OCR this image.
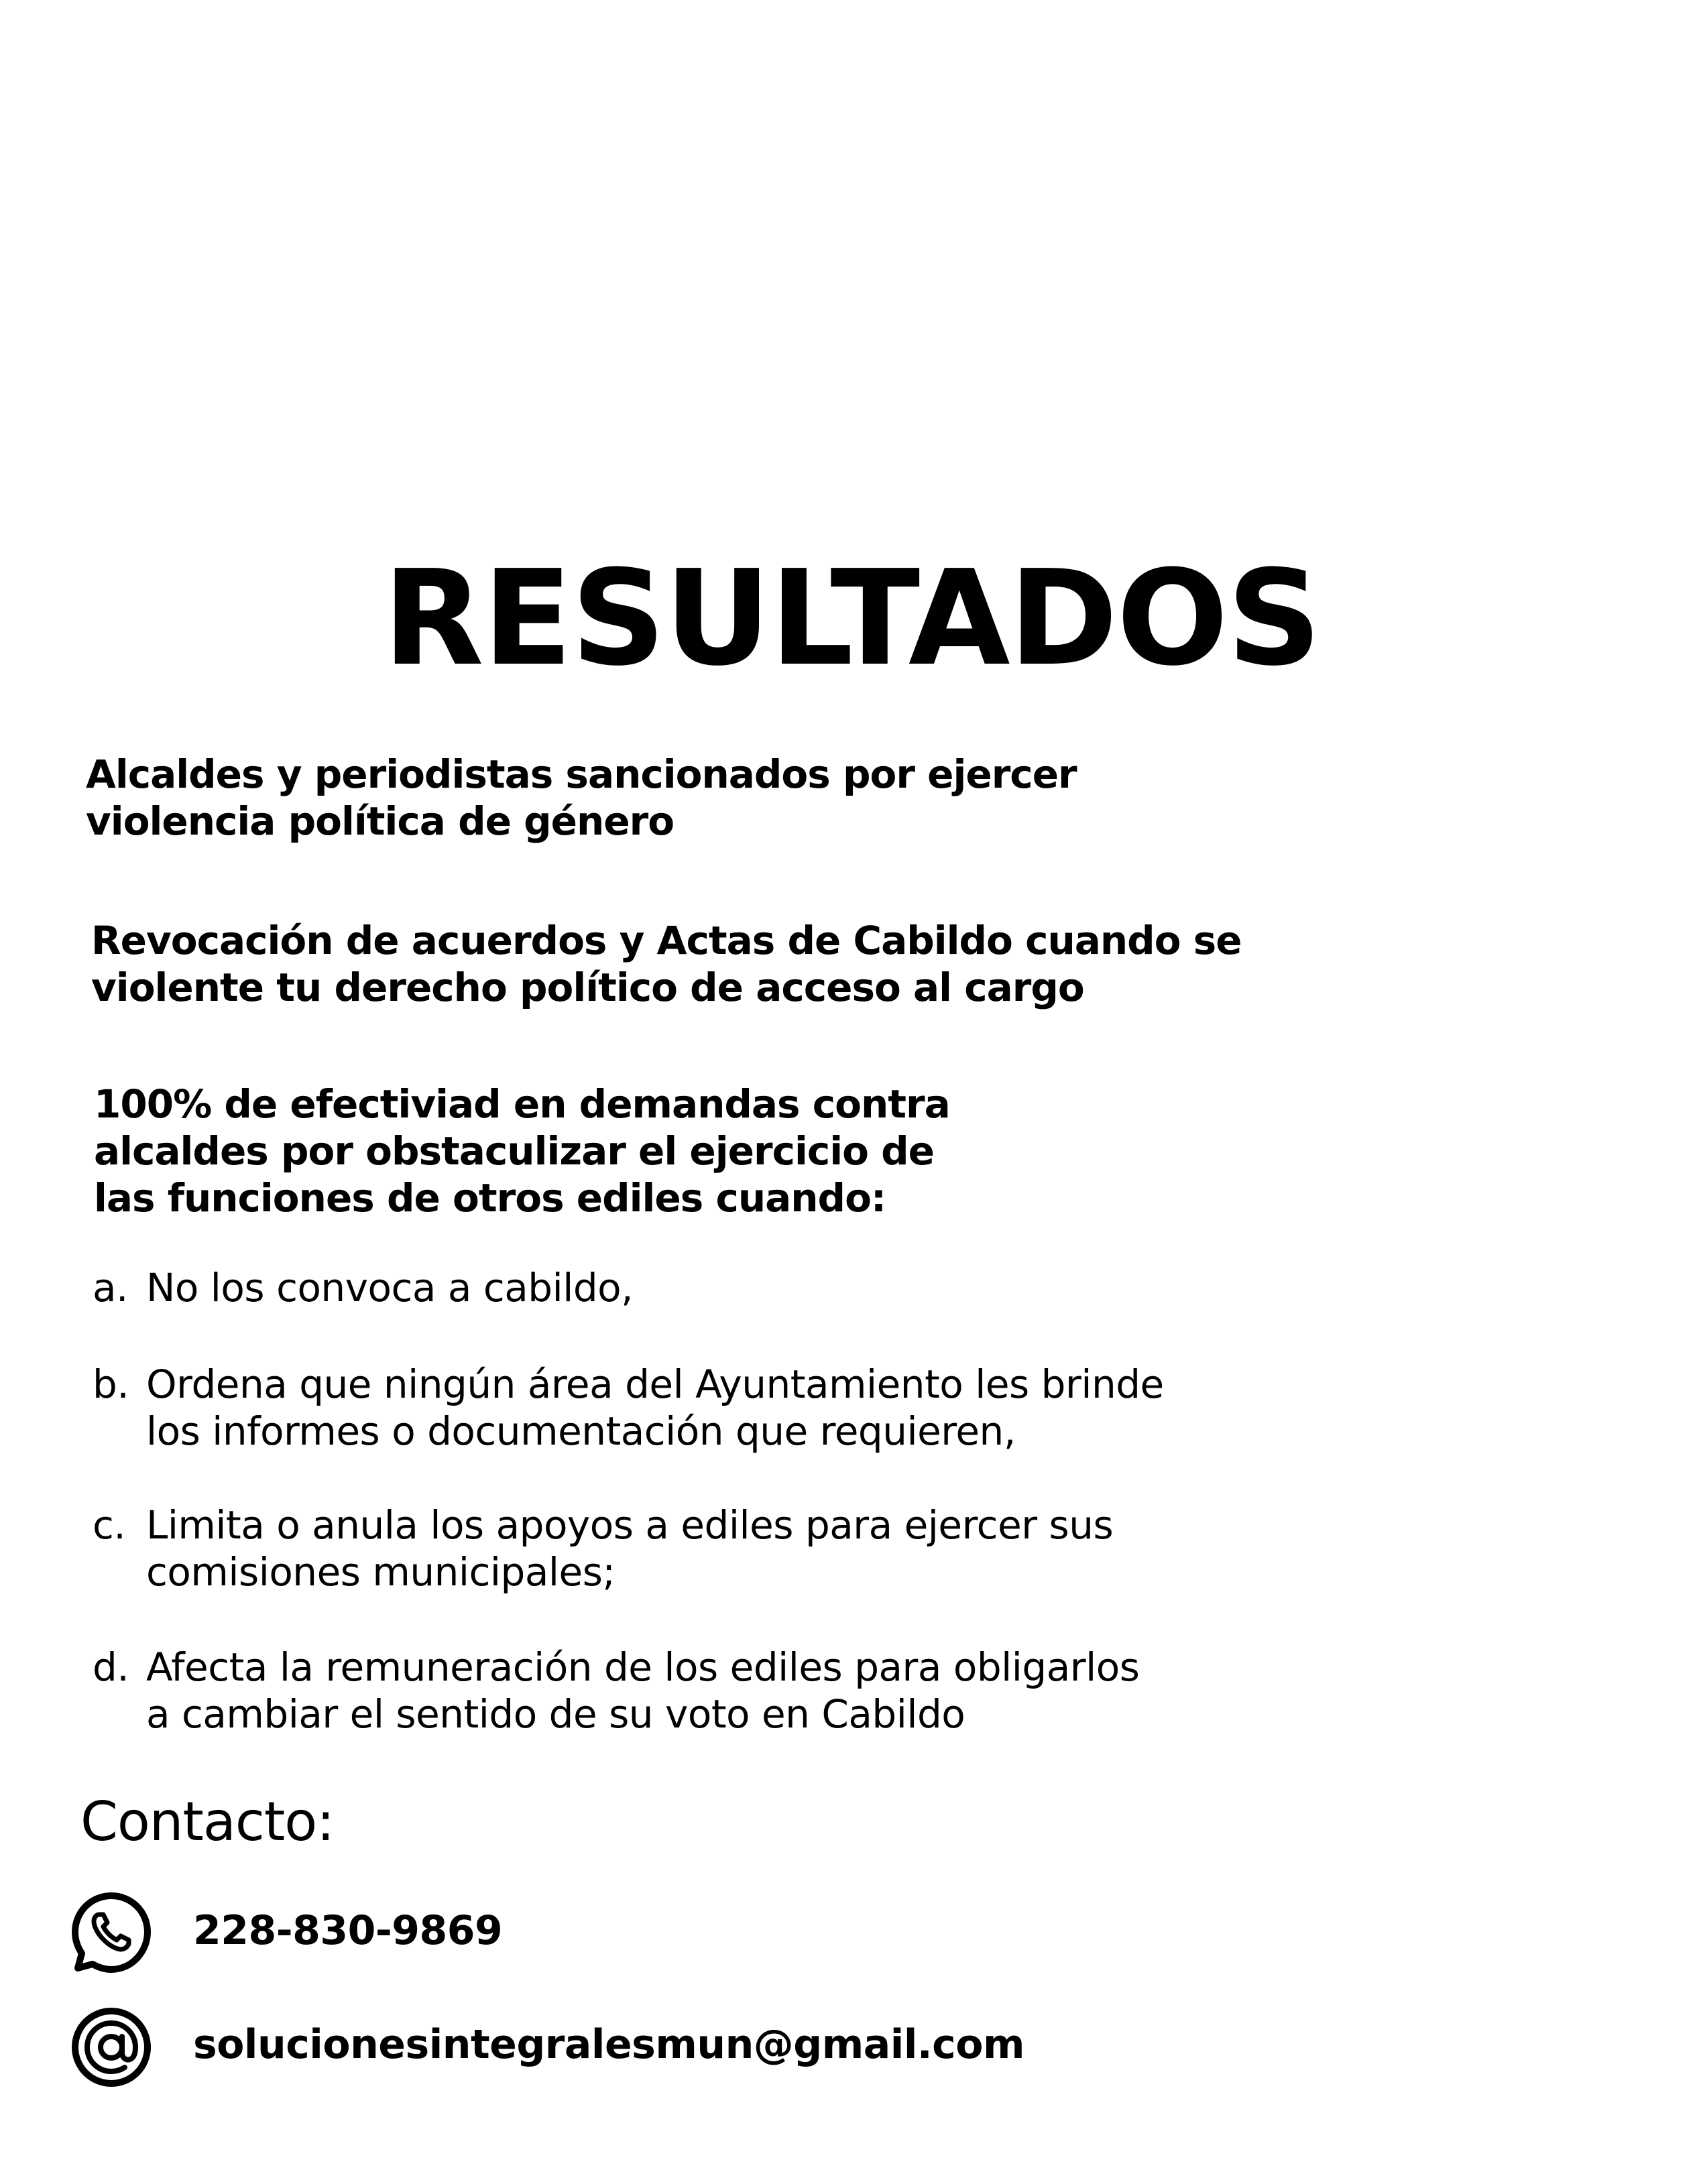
RESULTADOS

Alcaldes y periodistas sancionados por ejercer
violencia política de género

Revocación de acuerdos y Actas de Cabildo cuando se
violente tu derecho político de acceso al cargo

100% de efectiviad en demandas contra
alcaldes por obstaculizar el ejercicio de
las funciones de otros ediles cuando:

a. No los convoca a cabildo,
b. Ordena que ningún área del Ayuntamiento les brinde
los informes o documentación que requieren,
c. Limita o anula los apoyos a ediles para ejercer sus
comisiones municipales;
d. Afecta la remuneración de los ediles para obligarlos
a cambiar el sentido de su voto en Cabildo
Contacto:
228-830-9869
solucionesintegralesmun@gmail.com
